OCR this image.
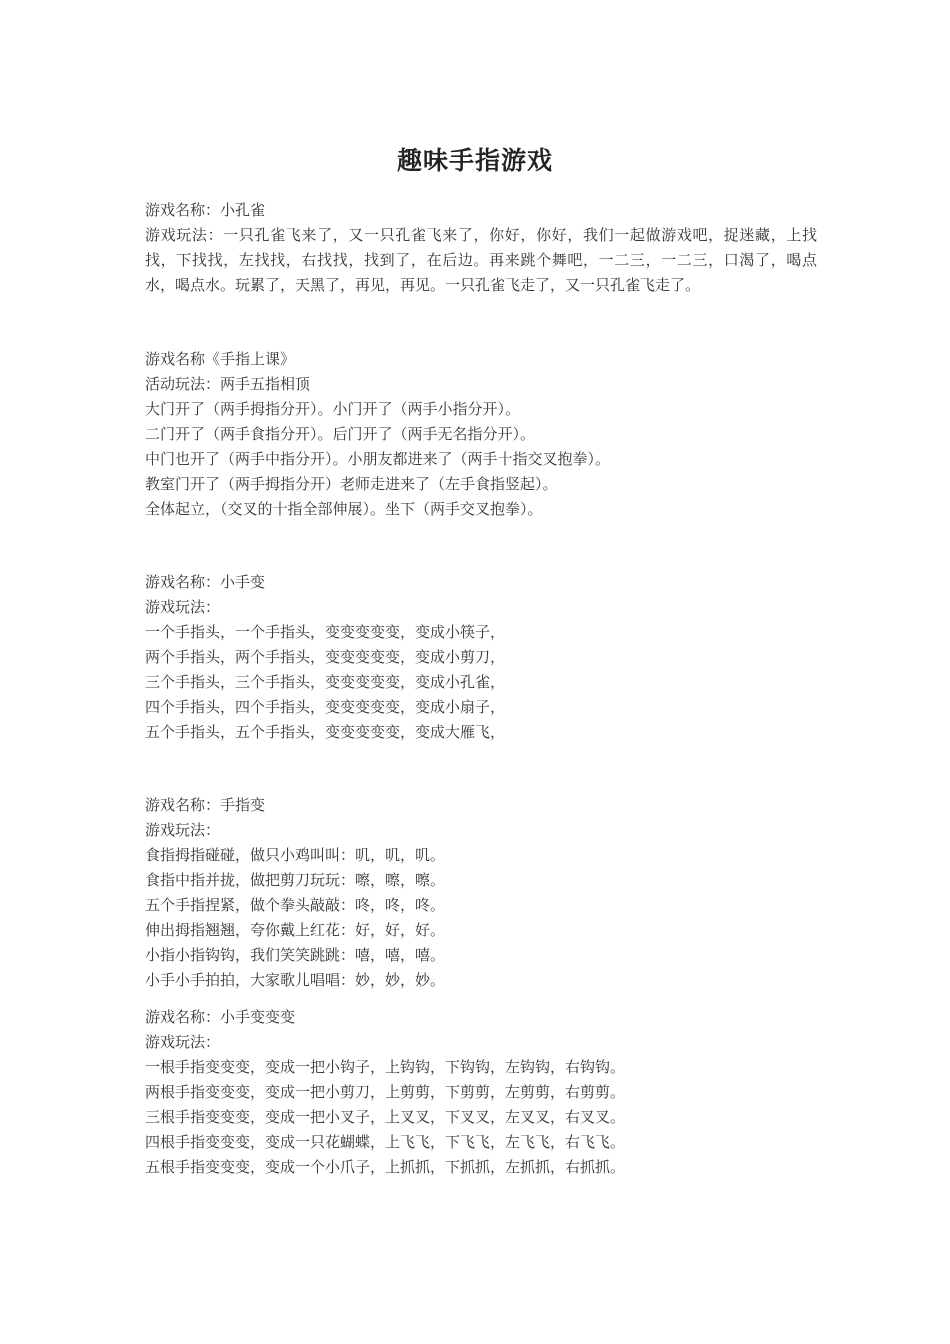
趣味手指游戏
游戏名称：小孔雀
游戏玩法：一只孔雀飞来了，又一只孔雀飞来了，你好，你好，我们一起做游戏吧，捉迷藏，上找找，下找找，左找找，右找找，找到了，在后边。再来跳个舞吧，一二三，一二三，口渴了，喝点水，喝点水。玩累了，天黑了，再见，再见。一只孔雀飞走了，又一只孔雀飞走了。
游戏名称《手指上课》
活动玩法：两手五指相顶
大门开了（两手拇指分开）。小门开了（两手小指分开）。
二门开了（两手食指分开）。后门开了（两手无名指分开）。
中门也开了（两手中指分开）。小朋友都进来了（两手十指交叉抱拳）。
教室门开了（两手拇指分开）老师走进来了（左手食指竖起）。
全体起立，（交叉的十指全部伸展）。坐下（两手交叉抱拳）。
游戏名称：小手变
游戏玩法：
一个手指头，一个手指头，变变变变变，变成小筷子，
两个手指头，两个手指头，变变变变变，变成小剪刀，
三个手指头，三个手指头，变变变变变，变成小孔雀，
四个手指头，四个手指头，变变变变变，变成小扇子，
五个手指头，五个手指头，变变变变变，变成大雁飞，
游戏名称：手指变
游戏玩法：
食指拇指碰碰，做只小鸡叫叫：叽，叽，叽。
食指中指并拢，做把剪刀玩玩：嚓，嚓，嚓。
五个手指捏紧，做个拳头敲敲：咚，咚，咚。
伸出拇指翘翘，夸你戴上红花：好，好，好。
小指小指钩钩，我们笑笑跳跳：嘻，嘻，嘻。
小手小手拍拍，大家歌儿唱唱：妙，妙，妙。
游戏名称：小手变变变
游戏玩法：
一根手指变变变，变成一把小钩子，上钩钩，下钩钩，左钩钩，右钩钩。
两根手指变变变，变成一把小剪刀，上剪剪，下剪剪，左剪剪，右剪剪。
三根手指变变变，变成一把小叉子，上叉叉，下叉叉，左叉叉，右叉叉。
四根手指变变变，变成一只花蝴蝶，上飞飞，下飞飞，左飞飞，右飞飞。
五根手指变变变，变成一个小爪子，上抓抓，下抓抓，左抓抓，右抓抓。
